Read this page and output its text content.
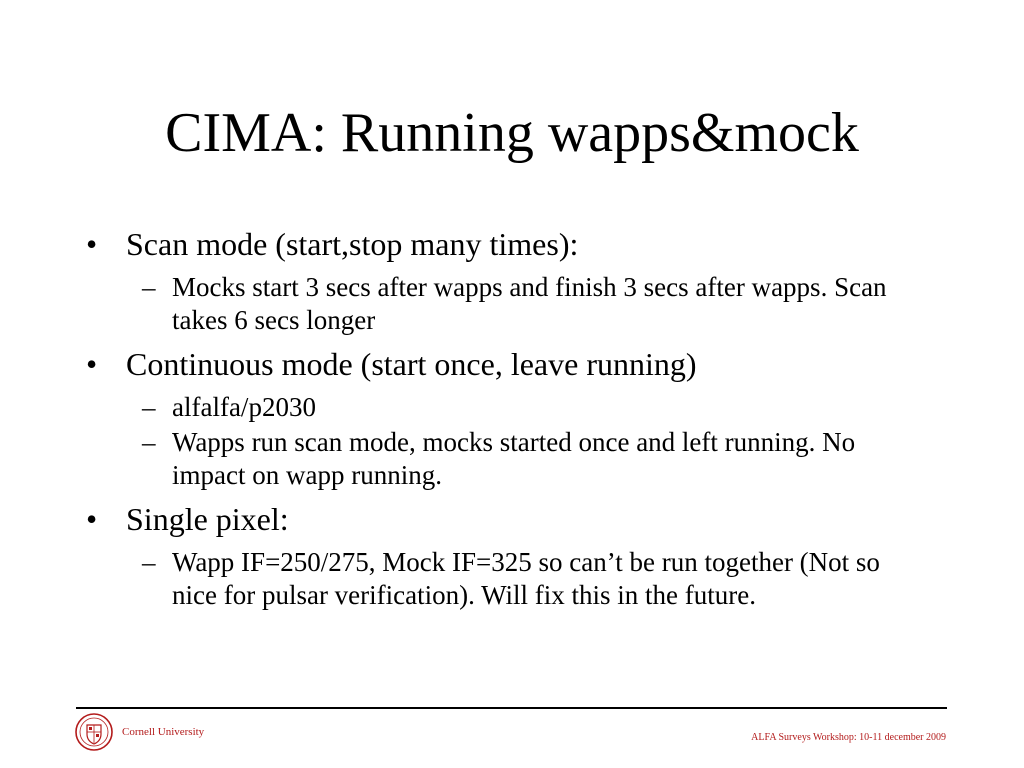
CIMA: Running wapps&mock
• Scan mode (start,stop many times):
– Mocks start 3 secs after wapps and finish 3 secs after wapps. Scan takes 6 secs longer
• Continuous mode (start once, leave running)
– alfalfa/p2030
– Wapps run scan mode, mocks started once and left running. No impact on wapp running.
• Single pixel:
– Wapp IF=250/275, Mock IF=325 so can’t be run together (Not so nice for pulsar verification). Will fix this in the future.
Cornell University	ALFA Surveys Workshop: 10-11 december 2009
